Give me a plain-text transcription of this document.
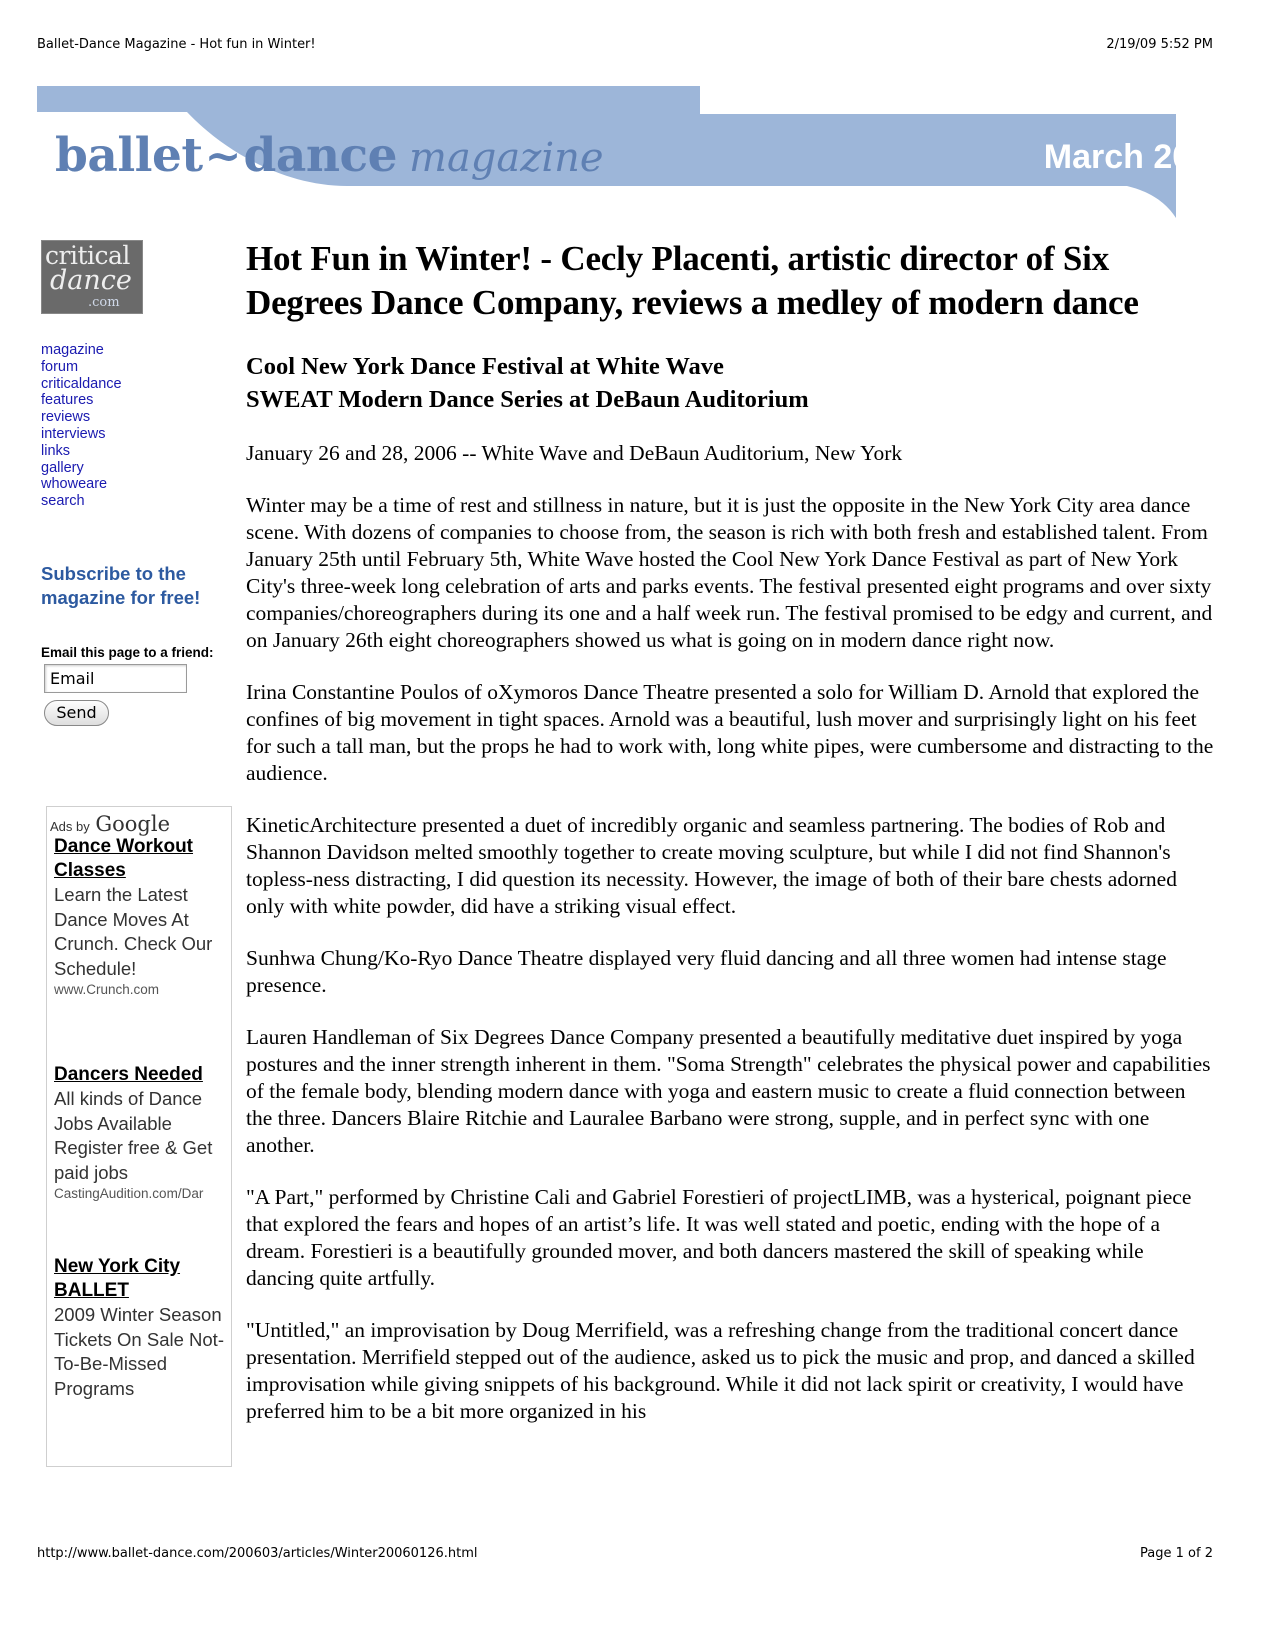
Ballet-Dance Magazine - Hot fun in Winter!	2/19/09 5:52 PM
ballet~dance magazine	March 2006
critical
dance
.com
magazine
forum
criticaldance
features
reviews
interviews
links
gallery
whoweare
search
Subscribe to the magazine for free!
Email this page to a friend:
Email
Send
Ads by Google
Dance Workout Classes
Learn the Latest Dance Moves At Crunch. Check Our Schedule!
www.Crunch.com
Dancers Needed
All kinds of Dance Jobs Available Register free & Get paid jobs
CastingAudition.com/Dar
New York City BALLET
2009 Winter Season Tickets On Sale Not-To-Be-Missed Programs
Hot Fun in Winter! - Cecly Placenti, artistic director of Six Degrees Dance Company, reviews a medley of modern dance
Cool New York Dance Festival at White Wave
SWEAT Modern Dance Series at DeBaun Auditorium

January 26 and 28, 2006 -- White Wave and DeBaun Auditorium, New York

Winter may be a time of rest and stillness in nature, but it is just the opposite in the New York City area dance scene. With dozens of companies to choose from, the season is rich with both fresh and established talent. From January 25th until February 5th, White Wave hosted the Cool New York Dance Festival as part of New York City's three-week long celebration of arts and parks events. The festival presented eight programs and over sixty companies/choreographers during its one and a half week run. The festival promised to be edgy and current, and on January 26th eight choreographers showed us what is going on in modern dance right now.

Irina Constantine Poulos of oXymoros Dance Theatre presented a solo for William D. Arnold that explored the confines of big movement in tight spaces. Arnold was a beautiful, lush mover and surprisingly light on his feet for such a tall man, but the props he had to work with, long white pipes, were cumbersome and distracting to the audience.

KineticArchitecture presented a duet of incredibly organic and seamless partnering. The bodies of Rob and Shannon Davidson melted smoothly together to create moving sculpture, but while I did not find Shannon's topless-ness distracting, I did question its necessity. However, the image of both of their bare chests adorned only with white powder, did have a striking visual effect.

Sunhwa Chung/Ko-Ryo Dance Theatre displayed very fluid dancing and all three women had intense stage presence.

Lauren Handleman of Six Degrees Dance Company presented a beautifully meditative duet inspired by yoga postures and the inner strength inherent in them. "Soma Strength" celebrates the physical power and capabilities of the female body, blending modern dance with yoga and eastern music to create a fluid connection between the three. Dancers Blaire Ritchie and Lauralee Barbano were strong, supple, and in perfect sync with one another.

"A Part," performed by Christine Cali and Gabriel Forestieri of projectLIMB, was a hysterical, poignant piece that explored the fears and hopes of an artist’s life. It was well stated and poetic, ending with the hope of a dream. Forestieri is a beautifully grounded mover, and both dancers mastered the skill of speaking while dancing quite artfully.

"Untitled," an improvisation by Doug Merrifield, was a refreshing change from the traditional concert dance presentation. Merrifield stepped out of the audience, asked us to pick the music and prop, and danced a skilled improvisation while giving snippets of his background. While it did not lack spirit or creativity, I would have preferred him to be a bit more organized in his

http://www.ballet-dance.com/200603/articles/Winter20060126.html	Page 1 of 2
